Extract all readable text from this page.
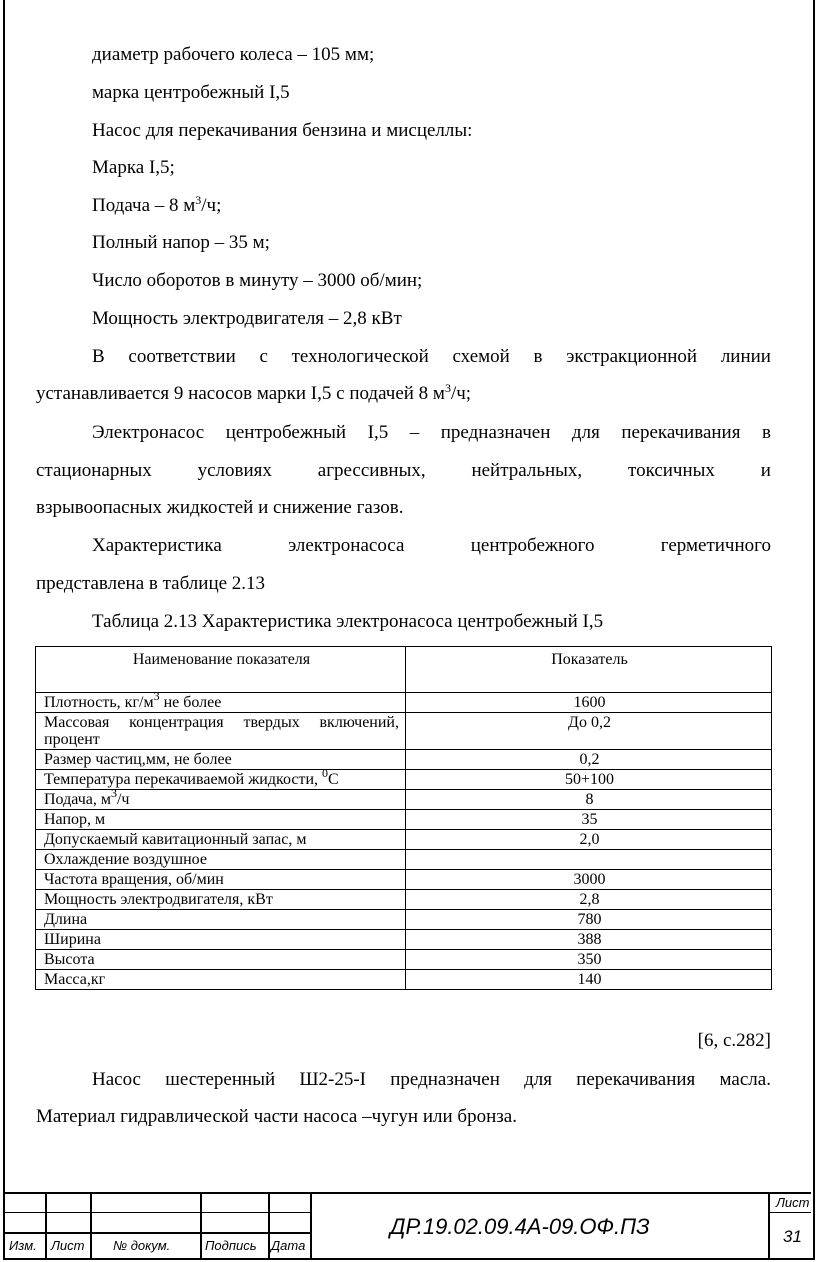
диаметр рабочего колеса – 105 мм;
марка центробежный I,5
Насос для перекачивания бензина и мисцеллы:
Марка I,5;
Подача – 8 $м^3/ч$;
Полный напор – 35 м;
Число оборотов в минуту – 3000 об/мин;
Мощность электродвигателя – 2,8 кВт
В соответствии с технологической схемой в экстракционной линии
устанавливается 9 насосов марки I,5 с подачей 8 $м^3/ч$;
Электронасос центробежный I,5 – предназначен для перекачивания в
стационарных условиях агрессивных, нейтральных, токсичных и
взрывоопасных жидкостей и снижение газов.
Характеристика	электронасоса	центробежного	герметичного
представлена в таблице 2.13
Таблица 2.13 Характеристика электронасоса центробежный I,5
Наименование показателя	Показатель
Плотность, $кг/м^3$ не более	1600
Массовая концентрация твердых включений, процент	До 0,2
Размер частиц,мм, не более	0,2
Температура перекачиваемой жидкости, $^0$С	50+100
Подача, $м^3/ч$	8
Напор, м	35
Допускаемый кавитационный запас, м	2,0
Охлаждение воздушное	
Частота вращения, об/мин	3000
Мощность электродвигателя, кВт	2,8
Длина	780
Ширина	388
Высота	350
Масса,кг	140
[6, с.282]
Насос шестеренный Ш2-25-I предназначен для перекачивания масла.
Материал гидравлической части насоса –чугун или бронза.
Изм. Лист № докум.	Подпись Дата
Лист
31
ДР.19.02.09.4А-09.ОФ.ПЗ
